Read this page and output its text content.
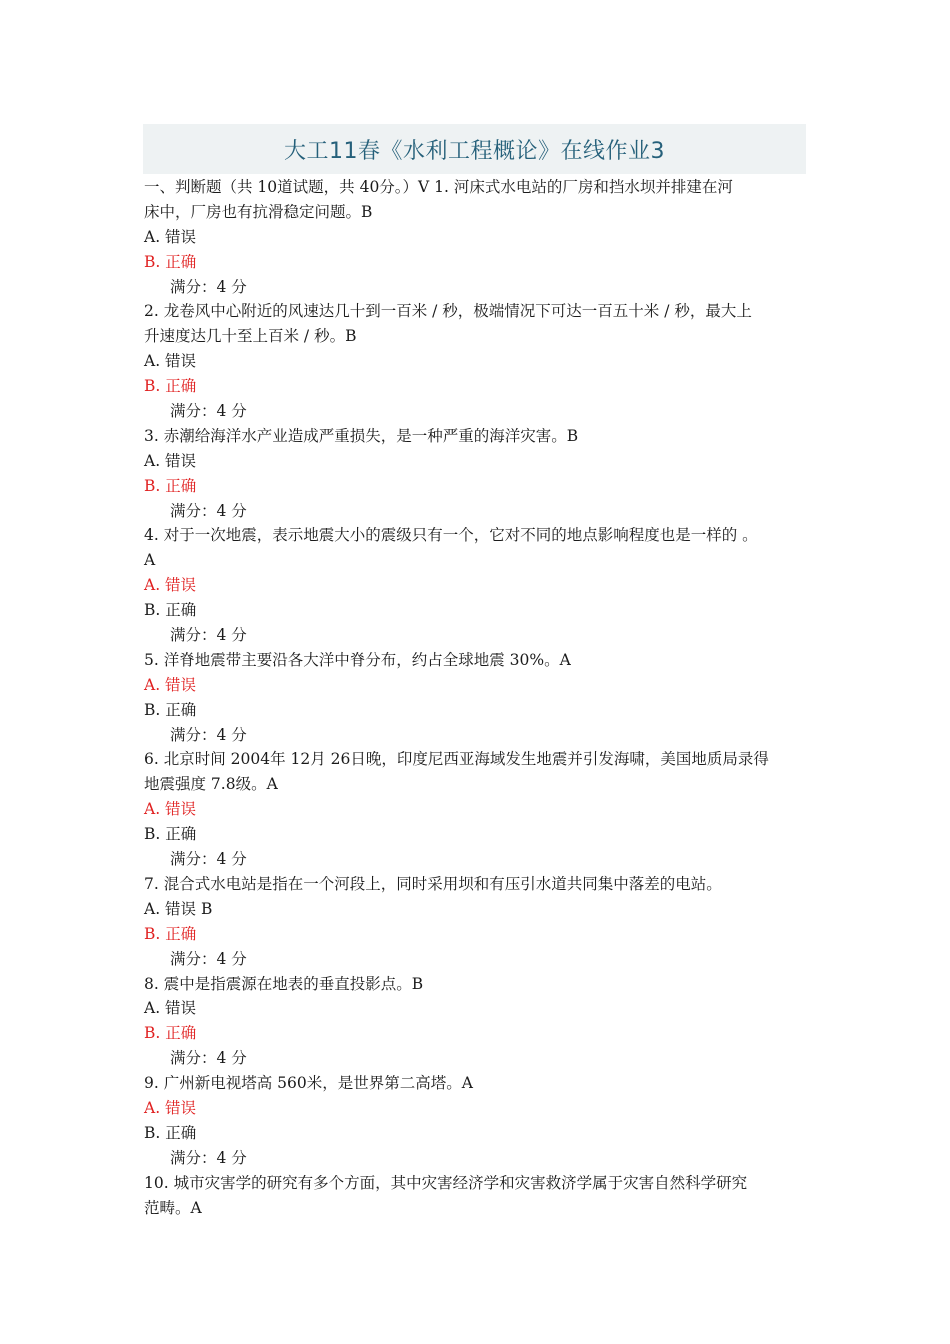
大工11春《水利工程概论》在线作业3
一、判断题（共 10道试题，共 40分。）V 1. 河床式水电站的厂房和挡水坝并排建在河
床中，厂房也有抗滑稳定问题。B
A. 错误
B. 正确
满分：4 分
2. 龙卷风中心附近的风速达几十到一百米 / 秒，极端情况下可达一百五十米 / 秒，最大上
升速度达几十至上百米 / 秒。B
A. 错误
B. 正确
满分：4 分
3. 赤潮给海洋水产业造成严重损失，是一种严重的海洋灾害。B
A. 错误
B. 正确
满分：4 分
4. 对于一次地震，表示地震大小的震级只有一个，它对不同的地点影响程度也是一样的 。
A
A. 错误
B. 正确
满分：4 分
5. 洋脊地震带主要沿各大洋中脊分布，约占全球地震 30%。A
A. 错误
B. 正确
满分：4 分
6. 北京时间 2004年 12月 26日晚，印度尼西亚海域发生地震并引发海啸，美国地质局录得
地震强度 7.8级。A
A. 错误
B. 正确
满分：4 分
7. 混合式水电站是指在一个河段上，同时采用坝和有压引水道共同集中落差的电站。
A. 错误 B
B. 正确
满分：4 分
8. 震中是指震源在地表的垂直投影点。B
A. 错误
B. 正确
满分：4 分
9. 广州新电视塔高 560米，是世界第二高塔。A
A. 错误
B. 正确
满分：4 分
10. 城市灾害学的研究有多个方面，其中灾害经济学和灾害救济学属于灾害自然科学研究
范畴。A
